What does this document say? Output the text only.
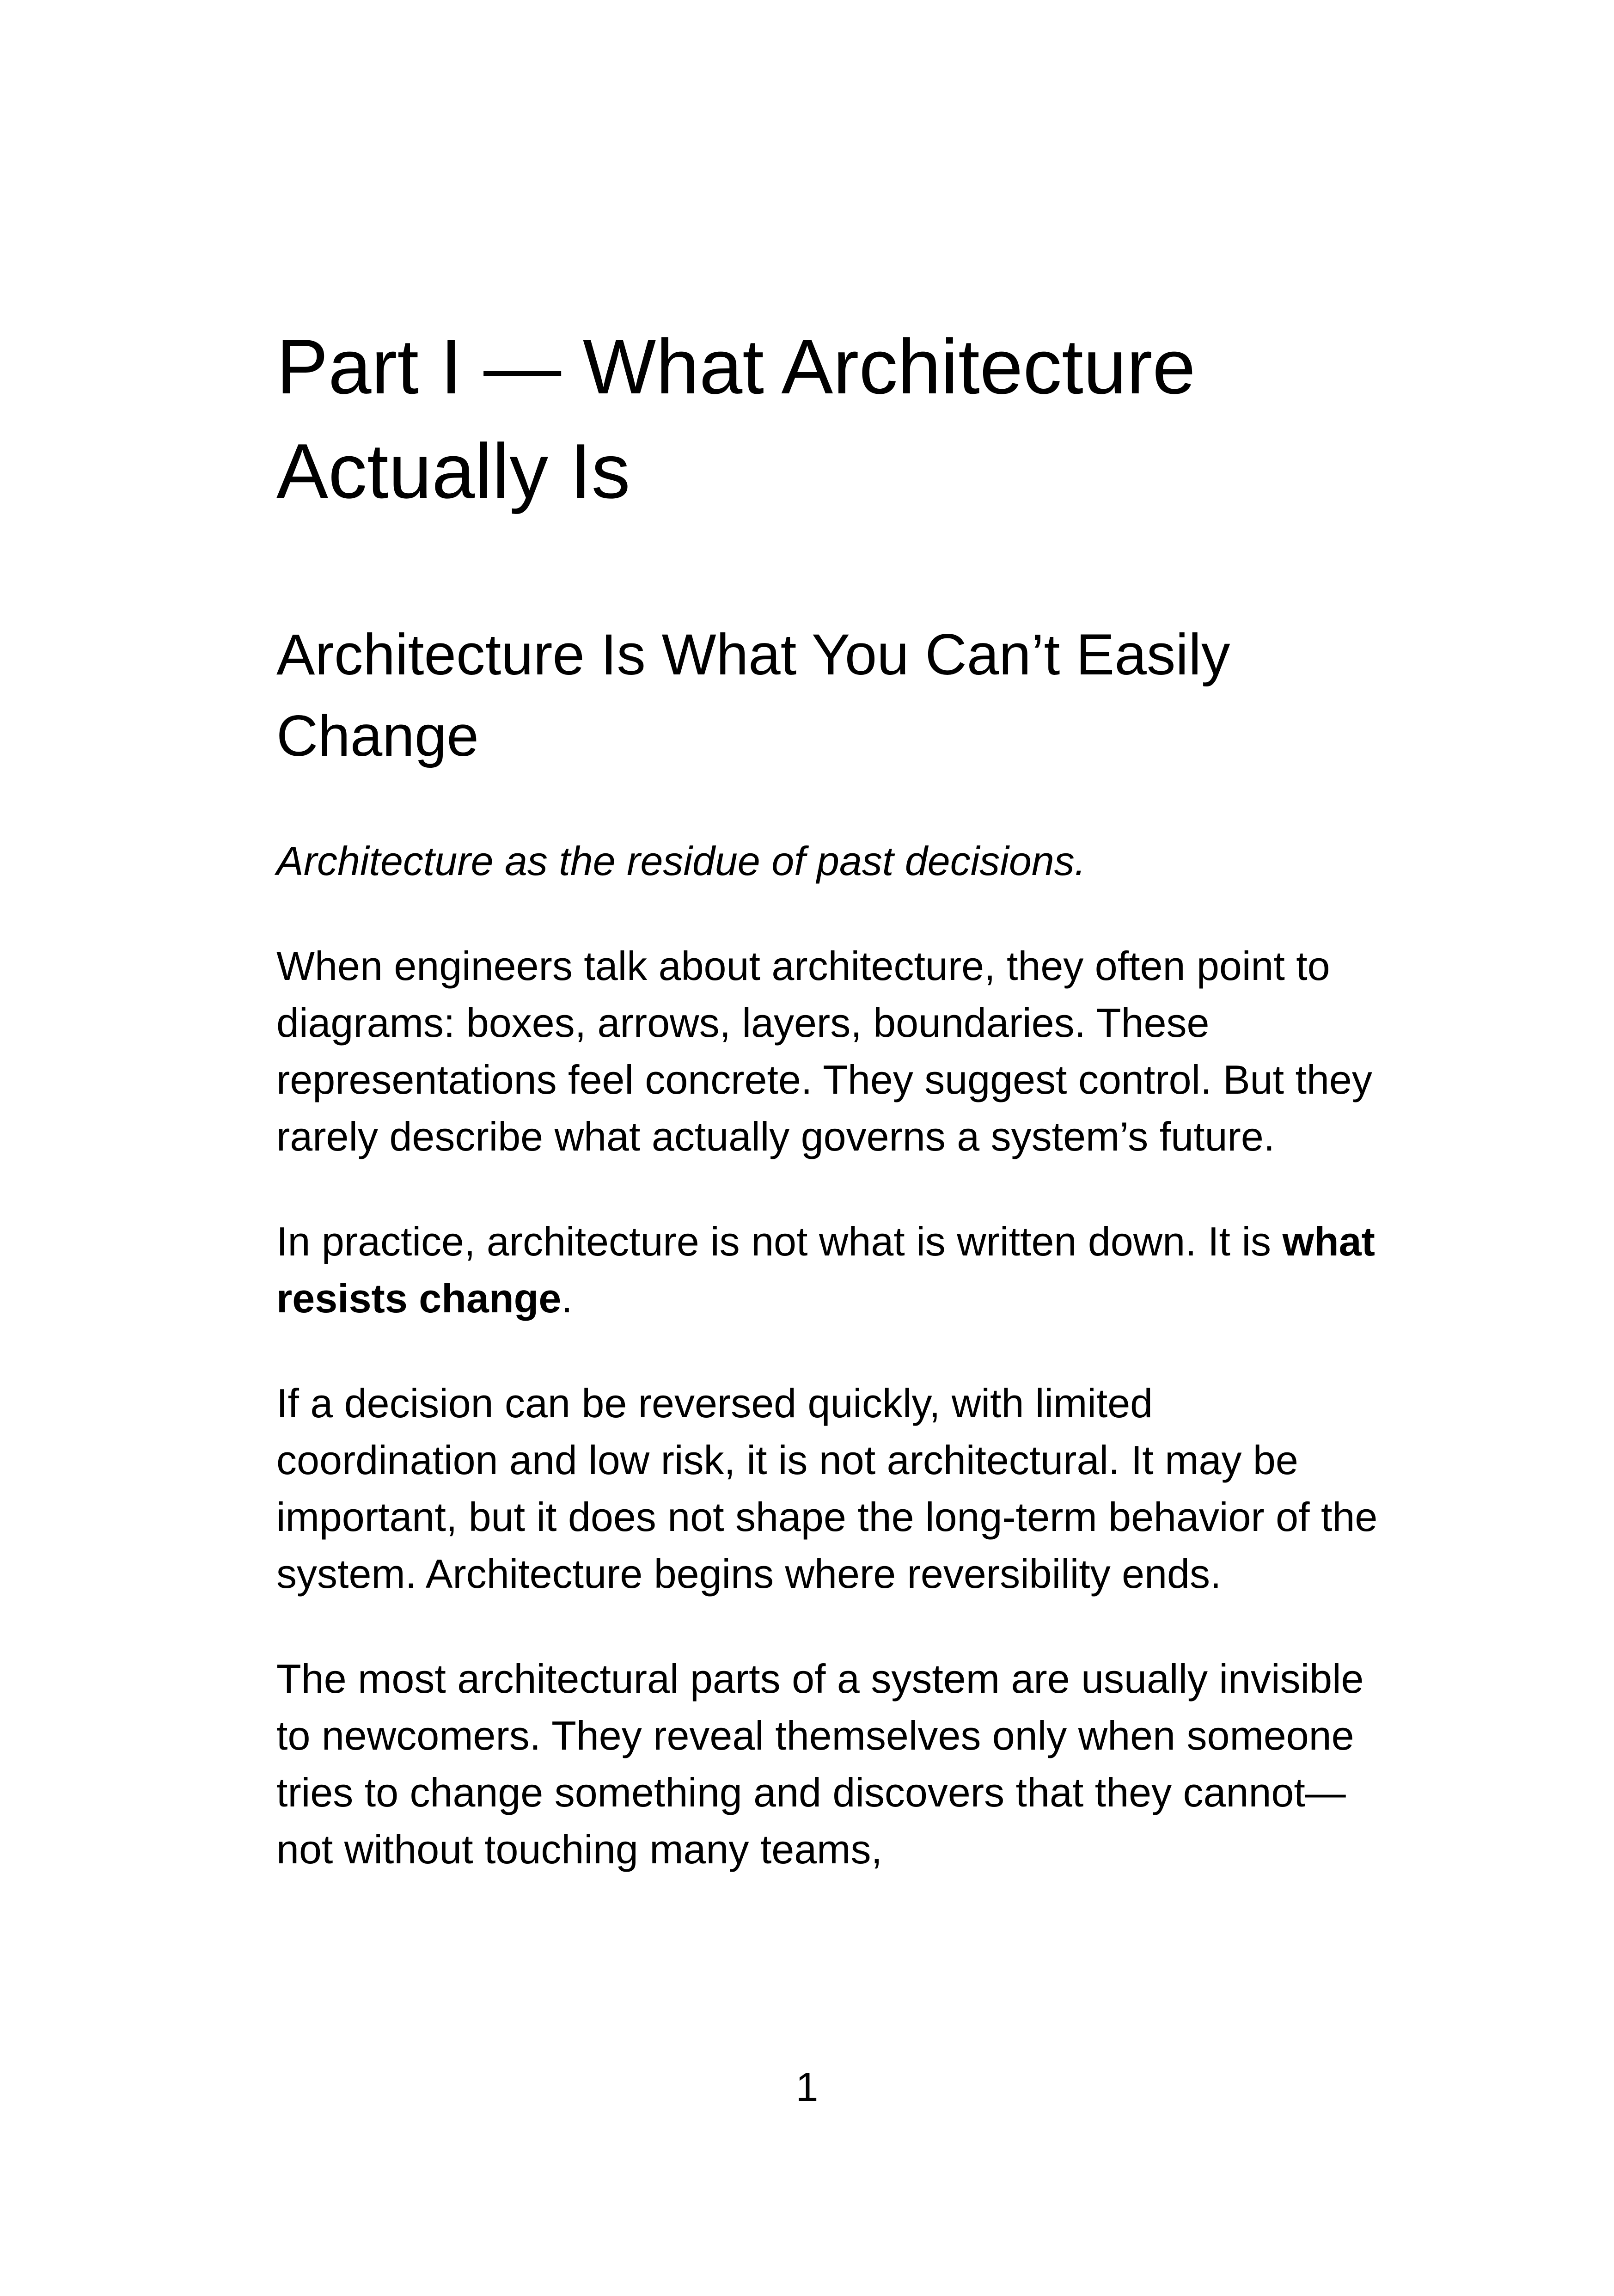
Part I — What Architecture Actually Is
Architecture Is What You Can’t Easily Change

Architecture as the residue of past decisions.

When engineers talk about architecture, they often point to diagrams: boxes, arrows, layers, boundaries. These representations feel concrete. They suggest control. But they rarely describe what actually governs a system’s future.

In practice, architecture is not what is written down. It is what resists change.

If a decision can be reversed quickly, with limited coordination and low risk, it is not architectural. It may be important, but it does not shape the long-term behavior of the system. Architecture begins where reversibility ends.

The most architectural parts of a system are usually invisible to newcomers. They reveal themselves only when someone tries to change something and discovers that they cannot—not without touching many teams,

1
